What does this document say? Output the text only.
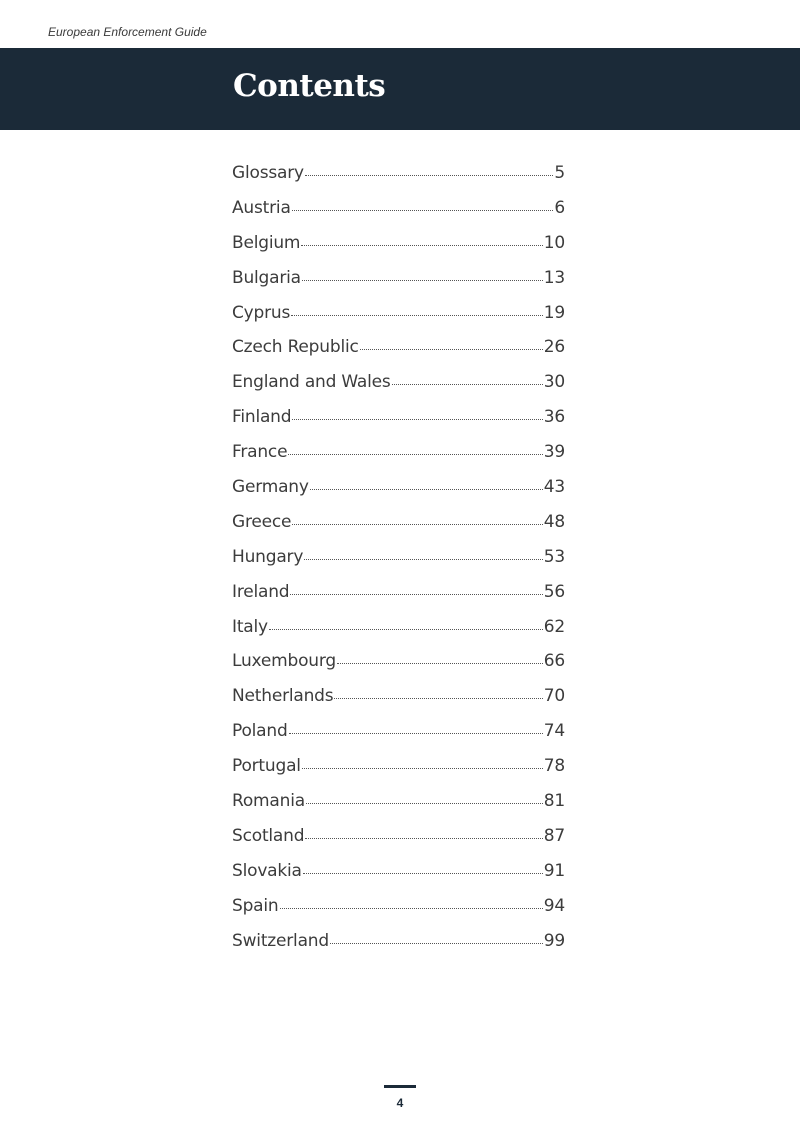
European Enforcement Guide
Contents
Glossary	5
Austria	6
Belgium	10
Bulgaria	13
Cyprus	19
Czech Republic	26
England and Wales	30
Finland	36
France	39
Germany	43
Greece	48
Hungary	53
Ireland	56
Italy	62
Luxembourg	66
Netherlands	70
Poland	74
Portugal	78
Romania	81
Scotland	87
Slovakia	91
Spain	94
Switzerland	99
4
